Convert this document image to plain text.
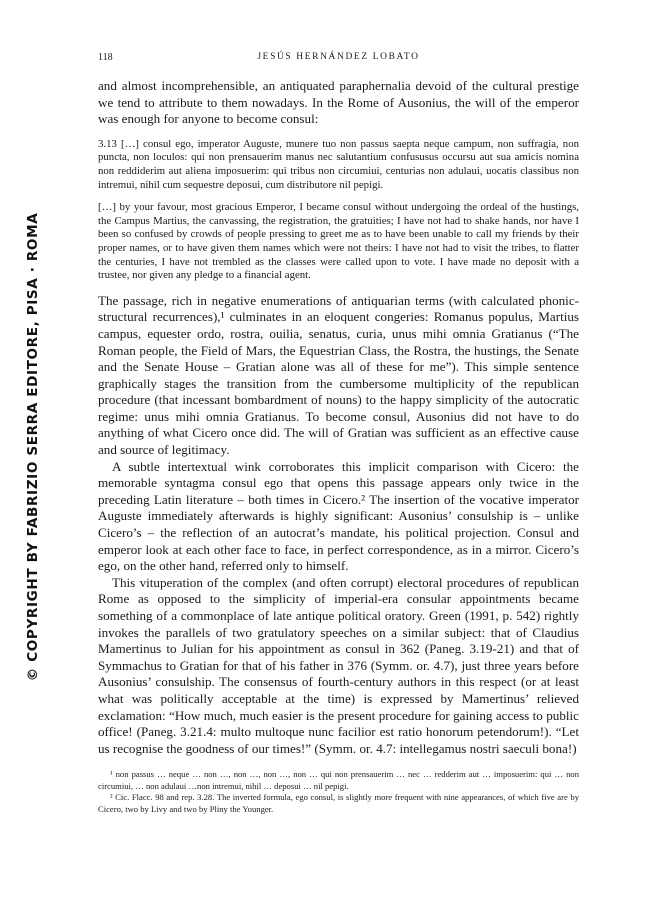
© COPYRIGHT BY FABRIZIO SERRA EDITORE, PISA · ROMA
118	JESÚS HERNÁNDEZ LOBATO

and almost incomprehensible, an antiquated paraphernalia devoid of the cultural prestige we tend to attribute to them nowadays. In the Rome of Ausonius, the will of the emperor was enough for anyone to become consul:

3.13 […] consul ego, imperator Auguste, munere tuo non passus saepta neque campum, non suffragia, non puncta, non loculos: qui non prensauerim manus nec salutantium confususus occursu aut sua amicis nomina non reddiderim aut aliena imposuerim: qui tribus non circumiui, centurias non adulaui, uocatis classibus non intremui, nihil cum sequestre deposui, cum distributore nil pepigi.

[…] by your favour, most gracious Emperor, I became consul without undergoing the ordeal of the hustings, the Campus Martius, the canvassing, the registration, the gratuities; I have not had to shake hands, nor have I been so confused by crowds of people pressing to greet me as to have been unable to call my friends by their proper names, or to have given them names which were not theirs: I have not had to visit the tribes, to flatter the centuries, I have not trembled as the classes were called upon to vote. I have made no deposit with a trustee, nor given any pledge to a financial agent.

The passage, rich in negative enumerations of antiquarian terms (with calculated phonic-structural recurrences),¹ culminates in an eloquent congeries: Romanus populus, Martius campus, equester ordo, rostra, ouilia, senatus, curia, unus mihi omnia Gratianus (“The Roman people, the Field of Mars, the Equestrian Class, the Rostra, the hustings, the Senate and the Senate House – Gratian alone was all of these for me”). This simple sentence graphically stages the transition from the cumbersome multiplicity of the republican procedure (that incessant bombardment of nouns) to the happy simplicity of the autocratic regime: unus mihi omnia Gratianus. To become consul, Ausonius did not have to do anything of what Cicero once did. The will of Gratian was sufficient as an effective cause and source of legitimacy.

A subtle intertextual wink corroborates this implicit comparison with Cicero: the memorable syntagma consul ego that opens this passage appears only twice in the preceding Latin literature – both times in Cicero.² The insertion of the vocative imperator Auguste immediately afterwards is highly significant: Ausonius’ consulship is – unlike Cicero’s – the reflection of an autocrat’s mandate, his political projection. Consul and emperor look at each other face to face, in perfect correspondence, as in a mirror. Cicero’s ego, on the other hand, referred only to himself.

This vituperation of the complex (and often corrupt) electoral procedures of republican Rome as opposed to the simplicity of imperial-era consular appointments became something of a commonplace of late antique political oratory. Green (1991, p. 542) rightly invokes the parallels of two gratulatory speeches on a similar subject: that of Claudius Mamertinus to Julian for his appointment as consul in 362 (Paneg. 3.19-21) and that of Symmachus to Gratian for that of his father in 376 (Symm. or. 4.7), just three years before Ausonius’ consulship. The consensus of fourth-century authors in this respect (or at least what was politically acceptable at the time) is expressed by Mamertinus’ relieved exclamation: “How much, much easier is the present procedure for gaining access to public office! (Paneg. 3.21.4: multo multoque nunc facilior est ratio honorum petendorum!). “Let us recognise the goodness of our times!” (Symm. or. 4.7: intellegamus nostri saeculi bona!)

¹ non passus … neque … non …, non …, non …, non … qui non prensauerim … nec … redderim aut … imposuerim: qui … non circumiui, … non adulaui …non intremui, nihil … deposui … nil pepigi.

² Cic. Flacc. 98 and rep. 3.28. The inverted formula, ego consul, is slightly more frequent with nine appearances, of which five are by Cicero, two by Livy and two by Pliny the Younger.
